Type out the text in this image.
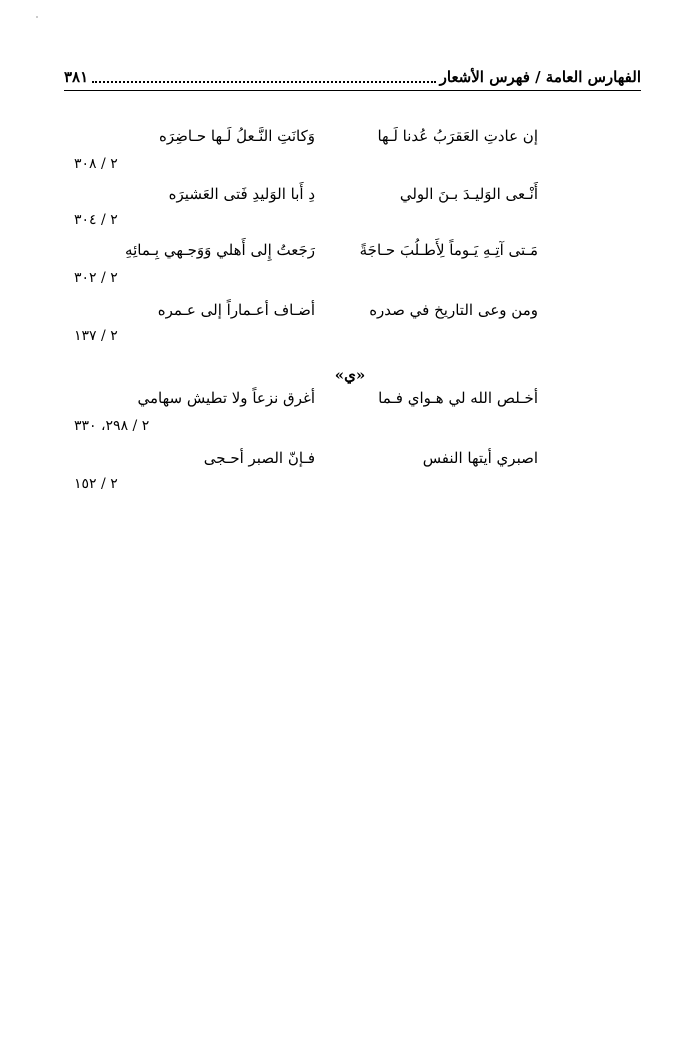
الفهارس العامة / فهرس الأشعار
٣٨١
إن عادتِ العَقرَبُ عُدنا لَـها
وَكانَتِ النَّـعلُ لَـها حـاضِرَه
٢ / ٣٠٨
أَنْـعى الوَليـدَ بـنَ الولي
دِ أَبا الوَليدِ فَتى العَشيرَه
٢ / ٣٠٤
مَـتى آتِـهِ يَـوماً لِأَطـلُبَ حـاجَةً
رَجَعتُ إِلى أَهلي وَوَجـهي بِـمائِهِ
٢ / ٣٠٢
ومن وعى التاريخ في صدره
أضـاف أعـماراً إلى عـمره
٢ / ١٣٧
«ي»
أخـلص الله لي هـواي فـما
أغرق نزعاً ولا تطيش سهامي
٢ / ٢٩٨، ٣٣٠
اصبري أيتها النفس
فـإنّ الصبر أحـجى
٢ / ١٥٢
